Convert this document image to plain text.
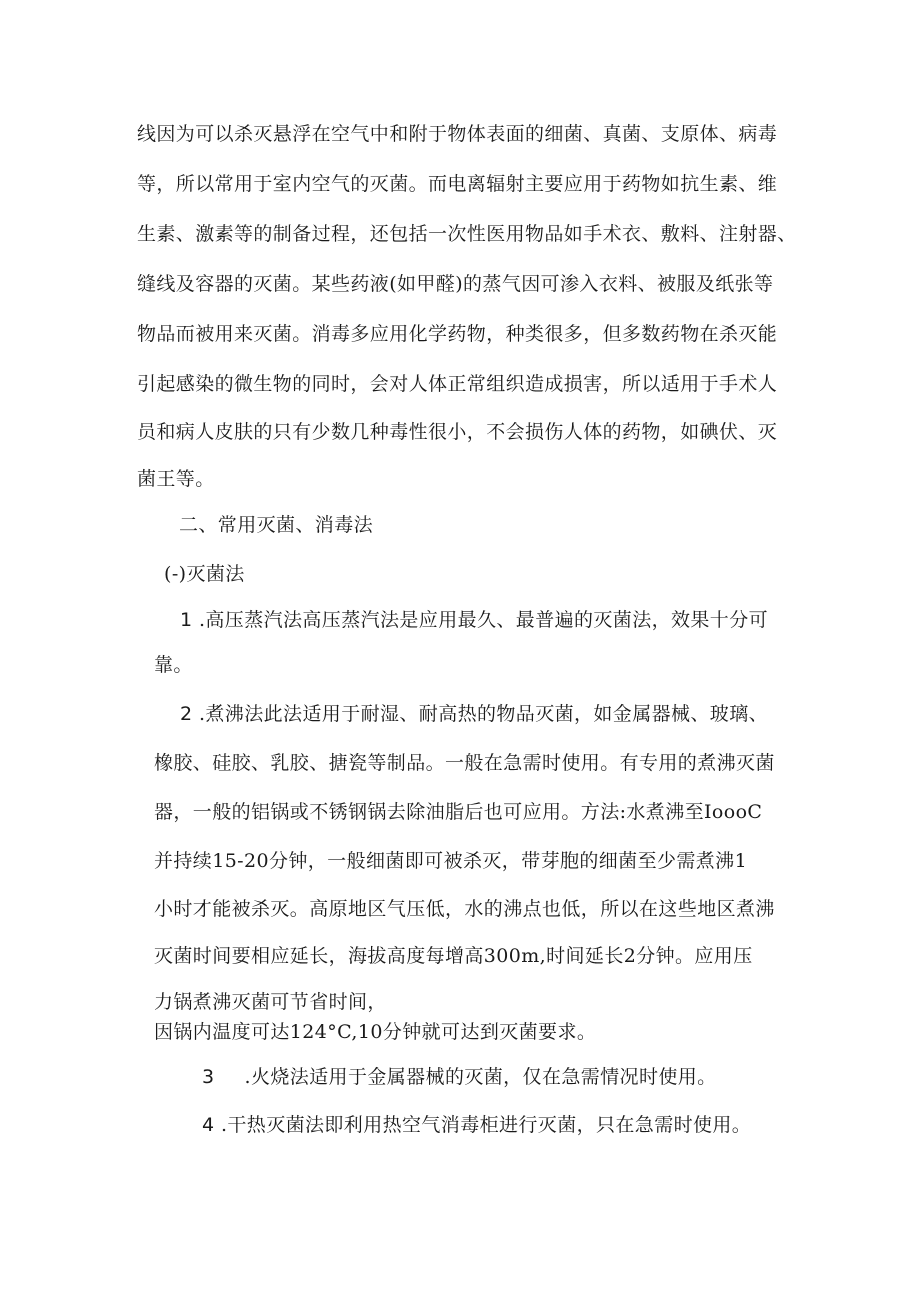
线因为可以杀灭悬浮在空气中和附于物体表面的细菌、真菌、支原体、病毒
等，所以常用于室内空气的灭菌。而电离辐射主要应用于药物如抗生素、维
生素、激素等的制备过程，还包括一次性医用物品如手术衣、敷料、注射器、
缝线及容器的灭菌。某些药液(如甲醛)的蒸气因可渗入衣料、被服及纸张等
物品而被用来灭菌。消毒多应用化学药物，种类很多，但多数药物在杀灭能
引起感染的微生物的同时，会对人体正常组织造成损害，所以适用于手术人
员和病人皮肤的只有少数几种毒性很小，不会损伤人体的药物，如碘伏、灭
菌王等。
二、常用灭菌、消毒法
(-)灭菌法
1 .高压蒸汽法高压蒸汽法是应用最久、最普遍的灭菌法，效果十分可
靠。
2 .煮沸法此法适用于耐湿、耐高热的物品灭菌，如金属器械、玻璃、
橡胶、硅胶、乳胶、搪瓷等制品。一般在急需时使用。有专用的煮沸灭菌
器，一般的铝锅或不锈钢锅去除油脂后也可应用。方法:水煮沸至IoooC
并持续15-20分钟，一般细菌即可被杀灭，带芽胞的细菌至少需煮沸1
小时才能被杀灭。高原地区气压低，水的沸点也低，所以在这些地区煮沸
灭菌时间要相应延长，海拔高度每增高300m,时间延长2分钟。应用压
力锅煮沸灭菌可节省时间，
因锅内温度可达124°C,10分钟就可达到灭菌要求。
3 .火烧法适用于金属器械的灭菌，仅在急需情况时使用。
4 .干热灭菌法即利用热空气消毒柜进行灭菌，只在急需时使用。
